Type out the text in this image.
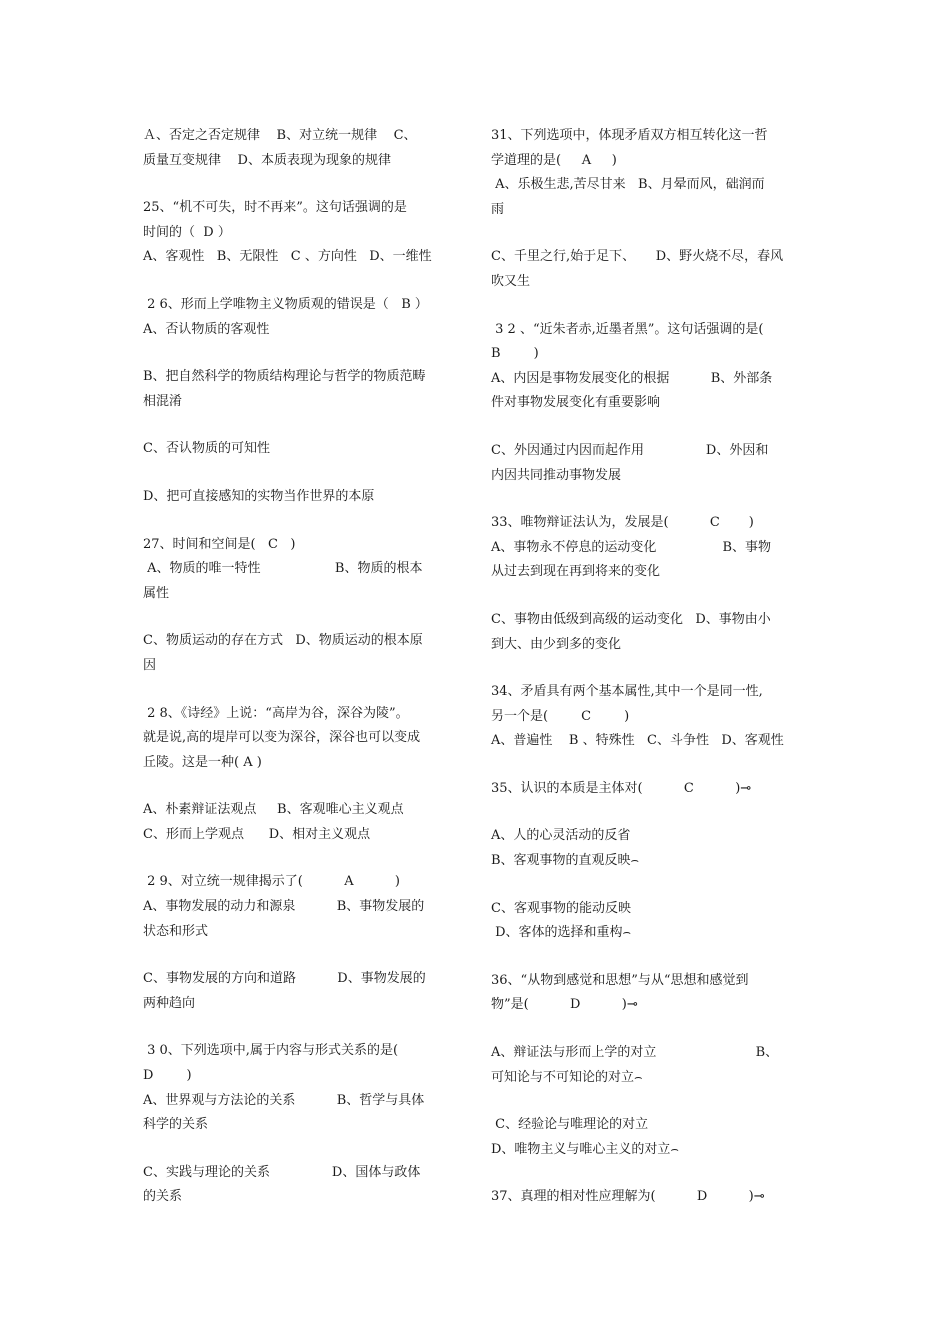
Ａ、否定之否定规律    B、对立统一规律    C、
质量互变规律    D、本质表现为现象的规律
25、“机不可失，时不再来”。这句话强调的是
时间的（  D ）
A、客观性   B、无限性   C 、方向性   D、一维性
2 6、形而上学唯物主义物质观的错误是（   B ）
A、否认物质的客观性
B、把自然科学的物质结构理论与哲学的物质范畴
相混淆
C、否认物质的可知性
D、把可直接感知的实物当作世界的本原
27、时间和空间是(   C   )
A、物质的唯一特性                  B、物质的根本
属性
C、物质运动的存在方式   D、物质运动的根本原
因
2 8、《诗经》上说：“高岸为谷，深谷为陵”。
就是说,高的堤岸可以变为深谷，深谷也可以变成
丘陵。这是一种( A )
A、朴素辩证法观点     B、客观唯心主义观点
C、形而上学观点      D、相对主义观点
2 9、对立统一规律揭示了(          A          )
A、事物发展的动力和源泉          B、事物发展的
状态和形式
C、事物发展的方向和道路          D、事物发展的
两种趋向
3 0、下列选项中,属于内容与形式关系的是(
D        )
A、世界观与方法论的关系          B、哲学与具体
科学的关系
C、实践与理论的关系               D、国体与政体
的关系
31、下列选项中，体现矛盾双方相互转化这一哲
学道理的是(     A     )
A、乐极生悲,苦尽甘来   B、月晕而风，础润而
雨
C、千里之行,始于足下、     D、野火烧不尽，春风
吹又生
3 2 、“近朱者赤,近墨者黑”。这句话强调的是(
B        )
A、内因是事物发展变化的根据          B、外部条
件对事物发展变化有重要影响
C、外因通过内因而起作用               D、外因和
内因共同推动事物发展
33、唯物辩证法认为，发展是(          C       )
A、事物永不停息的运动变化                B、事物
从过去到现在再到将来的变化
C、事物由低级到高级的运动变化   D、事物由小
到大、由少到多的变化
34、矛盾具有两个基本属性,其中一个是同一性,
另一个是(        C        )
A、普遍性    B 、特殊性   C、斗争性   D、客观性
35、认识的本质是主体对(          C          )⊸
A、人的心灵活动的反省
B、客观事物的直观反映⌢
C、客观事物的能动反映
D、客体的选择和重构⌢
36、“从物到感觉和思想”与从“思想和感觉到
物”是(          D          )⊸
A、辩证法与形而上学的对立                        B、
可知论与不可知论的对立⌢
C、经验论与唯理论的对立
D、唯物主义与唯心主义的对立⌢
37、真理的相对性应理解为(          D          )⊸
